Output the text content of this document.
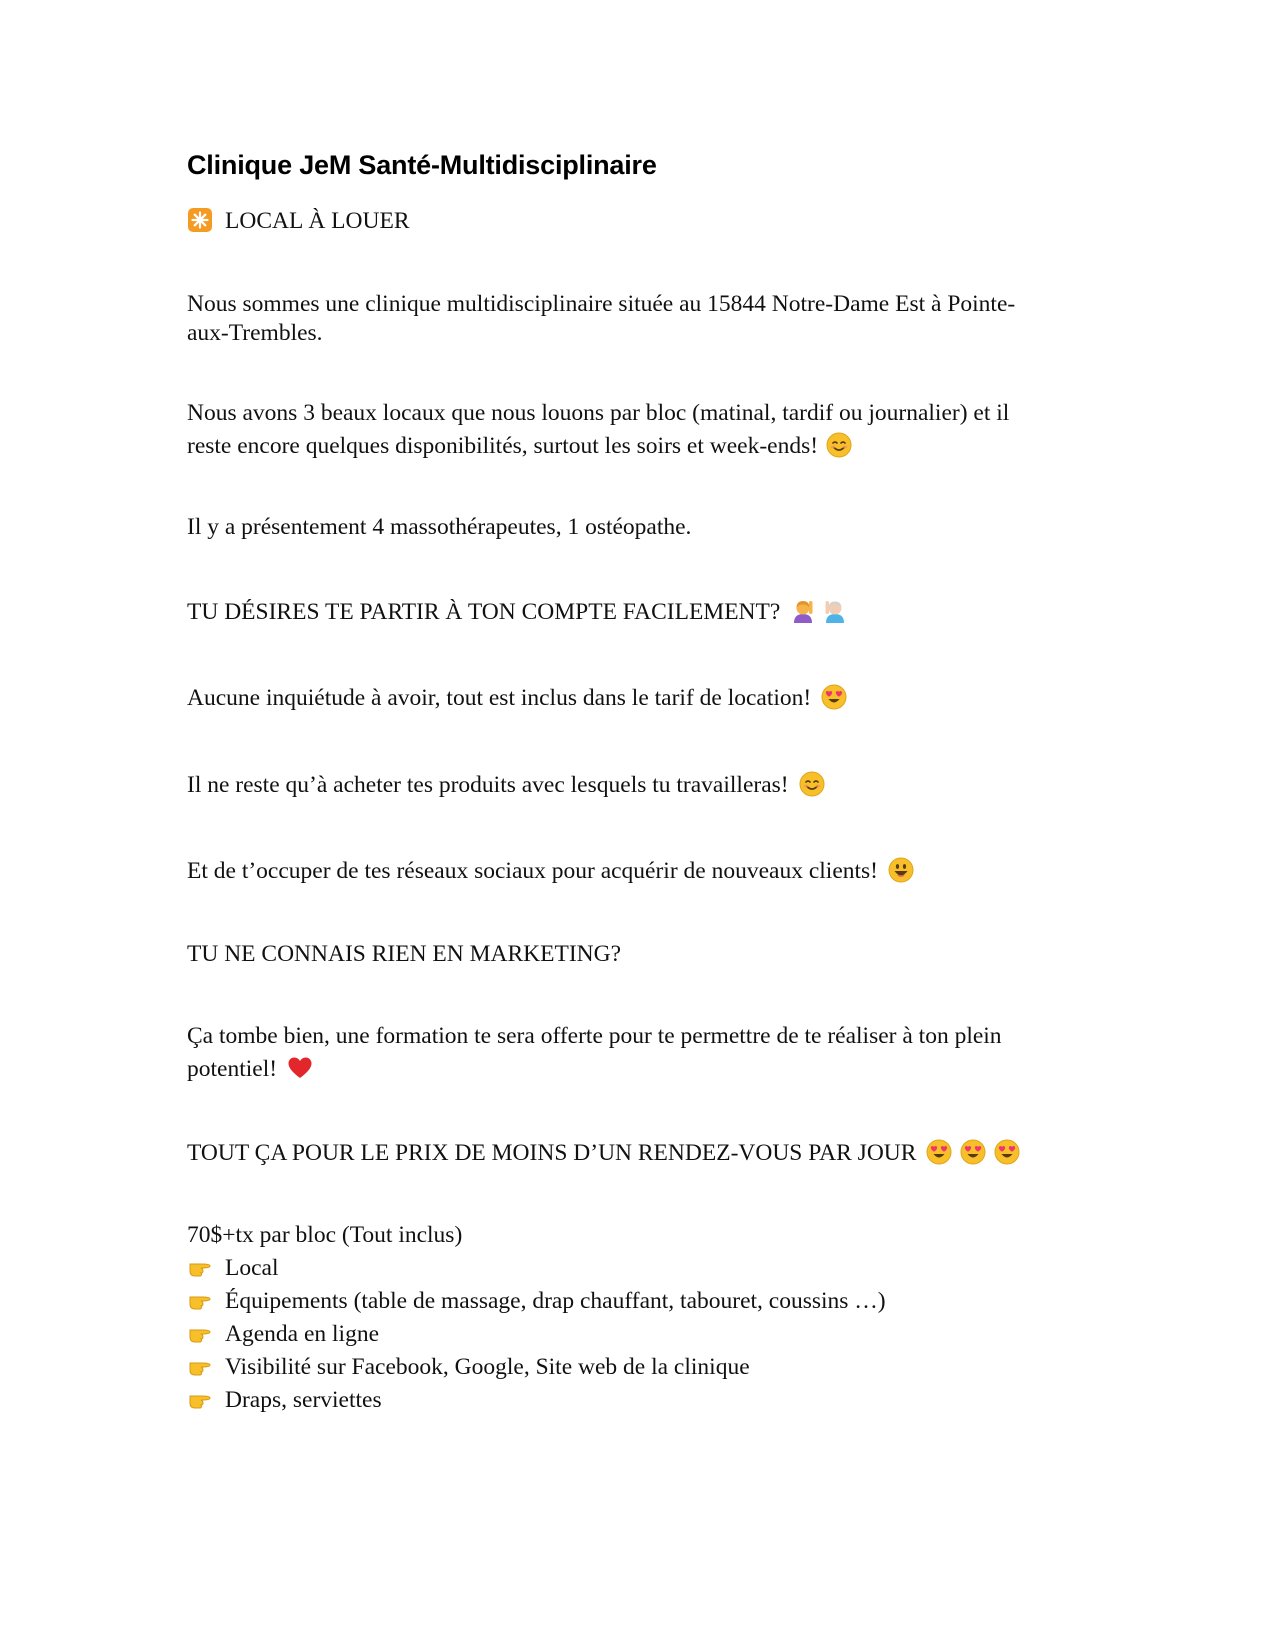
Clinique JeM Santé-Multidisciplinaire
LOCAL À LOUER
Nous sommes une clinique multidisciplinaire située au 15844 Notre-Dame Est à Pointe-
aux-Trembles.
Nous avons 3 beaux locaux que nous louons par bloc (matinal, tardif ou journalier) et il
reste encore quelques disponibilités, surtout les soirs et week-ends!
Il y a présentement 4 massothérapeutes, 1 ostéopathe.
TU DÉSIRES TE PARTIR À TON COMPTE FACILEMENT?
Aucune inquiétude à avoir, tout est inclus dans le tarif de location!
Il ne reste qu’à acheter tes produits avec lesquels tu travailleras!
Et de t’occuper de tes réseaux sociaux pour acquérir de nouveaux clients!
TU NE CONNAIS RIEN EN MARKETING?
Ça tombe bien, une formation te sera offerte pour te permettre de te réaliser à ton plein
potentiel!
TOUT ÇA POUR LE PRIX DE MOINS D’UN RENDEZ-VOUS PAR JOUR
70$+tx par bloc (Tout inclus)
Local
Équipements (table de massage, drap chauffant, tabouret, coussins …)
Agenda en ligne
Visibilité sur Facebook, Google, Site web de la clinique
Draps, serviettes
